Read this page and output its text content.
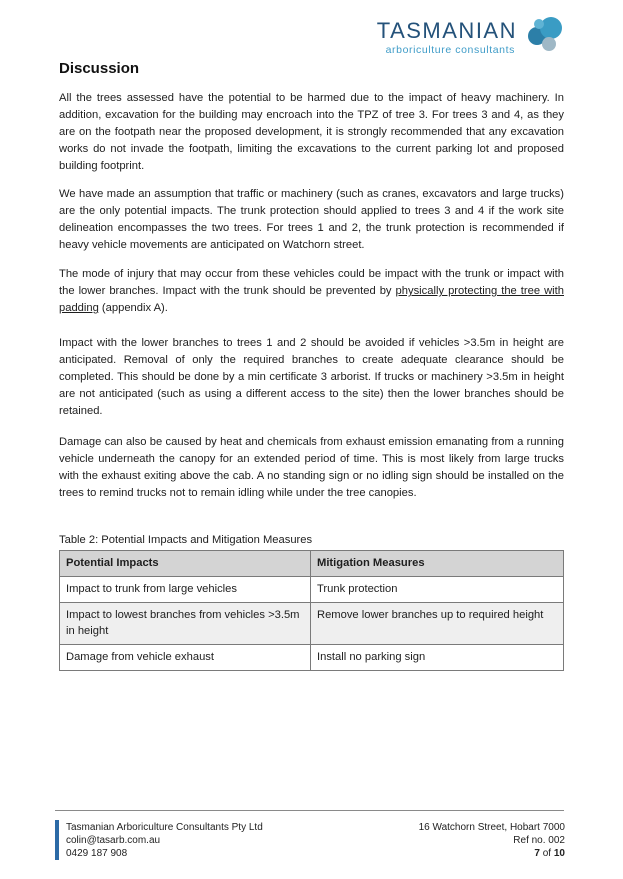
TASMANIAN
arboriculture consultants
Discussion

All the trees assessed have the potential to be harmed due to the impact of heavy machinery. In addition, excavation for the building may encroach into the TPZ of tree 3. For trees 3 and 4, as they are on the footpath near the proposed development, it is strongly recommended that any excavation works do not invade the footpath, limiting the excavations to the current parking lot and proposed building footprint.

We have made an assumption that traffic or machinery (such as cranes, excavators and large trucks) are the only potential impacts. The trunk protection should applied to trees 3 and 4 if the work site delineation encompasses the two trees. For trees 1 and 2, the trunk protection is recommended if heavy vehicle movements are anticipated on Watchorn street.

The mode of injury that may occur from these vehicles could be impact with the trunk or impact with the lower branches. Impact with the trunk should be prevented by physically protecting the tree with padding (appendix A).

Impact with the lower branches to trees 1 and 2 should be avoided if vehicles >3.5m in height are anticipated. Removal of only the required branches to create adequate clearance should be completed. This should be done by a min certificate 3 arborist. If trucks or machinery >3.5m in height are not anticipated (such as using a different access to the site) then the lower branches should be retained.

Damage can also be caused by heat and chemicals from exhaust emission emanating from a running vehicle underneath the canopy for an extended period of time. This is most likely from large trucks with the exhaust exiting above the cab. A no standing sign or no idling sign should be installed on the trees to remind trucks not to remain idling while under the tree canopies.

Table 2: Potential Impacts and Mitigation Measures
Potential Impacts	Mitigation Measures
Impact to trunk from large vehicles	Trunk protection
Impact to lowest branches from vehicles >3.5m in height	Remove lower branches up to required height
Damage from vehicle exhaust	Install no parking sign
Tasmanian Arboriculture Consultants Pty Ltd
colin@tasarb.com.au
0429 187 908
16 Watchorn Street, Hobart 7000
Ref no. 002
7 of 10
